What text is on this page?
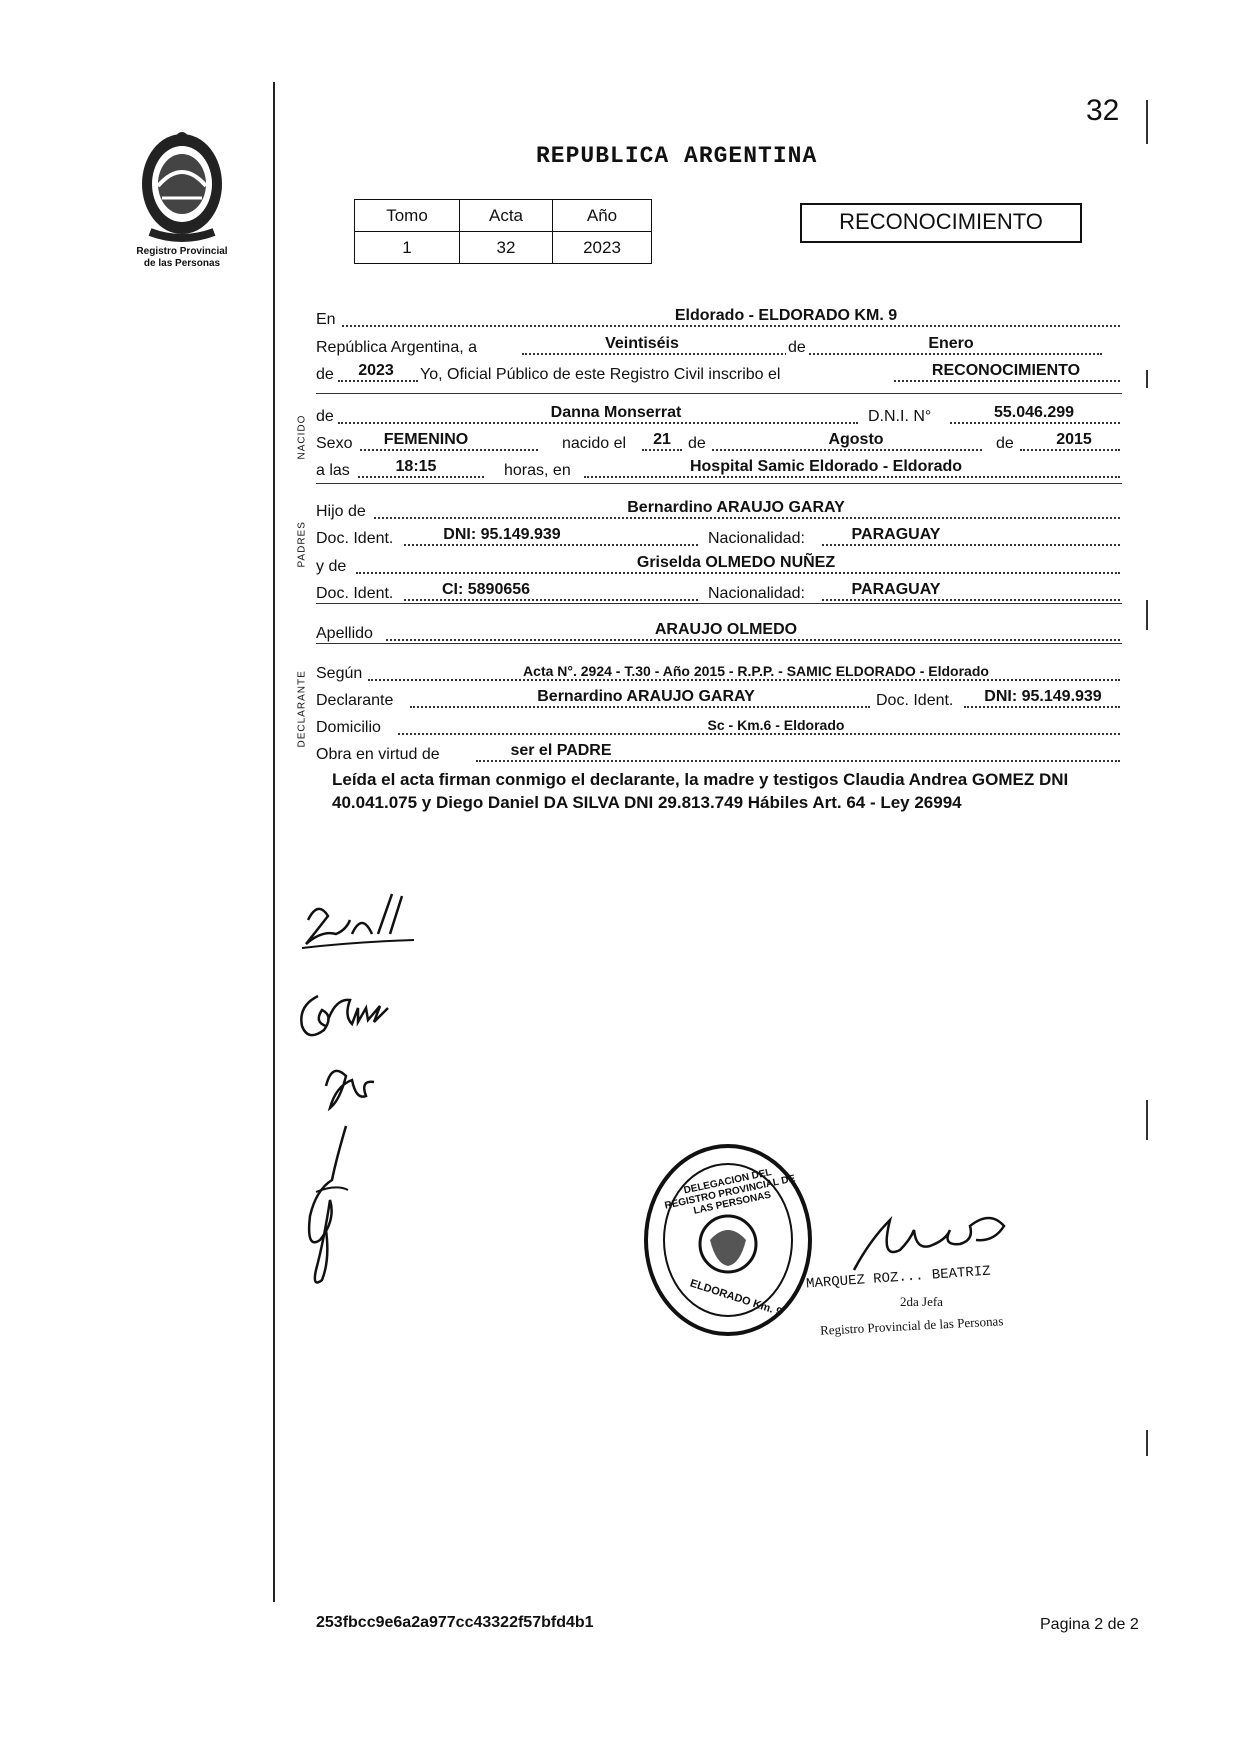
32
Registro Provincial
de las Personas
REPUBLICA ARGENTINA
Tomo	Acta	Año
1	32	2023
RECONOCIMIENTO
NACIDO
PADRES
DECLARANTE
En	Eldorado - ELDORADO KM. 9
República Argentina, a	Veintiséis	de	Enero
de	2023	Yo, Oficial Público de este Registro Civil inscribo el	RECONOCIMIENTO
de	Danna Monserrat	D.N.I. N°	55.046.299
Sexo	FEMENINO	nacido el	21	de	Agosto	de	2015
a las	18:15	horas, en	Hospital Samic Eldorado - Eldorado
Hijo de	Bernardino ARAUJO GARAY
Doc. Ident.	DNI: 95.149.939	Nacionalidad:	PARAGUAY
y de	Griselda OLMEDO NUÑEZ
Doc. Ident.	CI: 5890656	Nacionalidad:	PARAGUAY
Apellido	ARAUJO OLMEDO
Según	Acta N°. 2924 - T.30 - Año 2015 - R.P.P. - SAMIC ELDORADO - Eldorado
Declarante	Bernardino ARAUJO GARAY	Doc. Ident.	DNI: 95.149.939
Domicilio	Sc - Km.6 - Eldorado
Obra en virtud de	ser el PADRE
Leída el acta firman conmigo el declarante, la madre y testigos Claudia Andrea GOMEZ DNI 40.041.075 y Diego Daniel DA SILVA DNI 29.813.749 Hábiles Art. 64 - Ley 26994
DELEGACION DEL REGISTRO PROVINCIAL DE LAS PERSONAS
ELDORADO Km. 9	MARQUEZ ROZ... BEATRIZ
2da Jefa
Registro Provincial de las Personas
253fbcc9e6a2a977cc43322f57bfd4b1	Pagina 2 de 2
